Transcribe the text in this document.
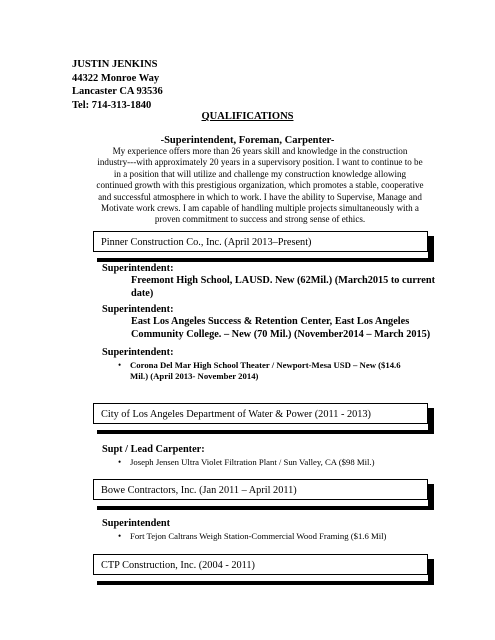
JUSTIN JENKINS
44322 Monroe Way
Lancaster CA 93536
Tel: 714-313-1840
QUALIFICATIONS
-Superintendent, Foreman, Carpenter-
My experience offers more than 26 years skill and knowledge in the construction
industry---with approximately 20 years in a supervisory position. I want to continue to be
in a position that will utilize and challenge my construction knowledge allowing
continued growth with this prestigious organization, which promotes a stable, cooperative
and successful atmosphere in which to work. I have the ability to Supervise, Manage and
Motivate work crews. I am capable of handling multiple projects simultaneously with a
proven commitment to success and strong sense of ethics.
Pinner Construction Co., Inc. (April 2013–Present)
Superintendent:
Freemont High School, LAUSD. New (62Mil.) (March2015 to current
date)
Superintendent:
East Los Angeles Success & Retention Center, East Los Angeles
Community College. – New (70 Mil.) (November2014 – March 2015)
Superintendent:
•	Corona Del Mar High School Theater / Newport-Mesa USD – New ($14.6
Mil.) (April 2013- November 2014)
City of Los Angeles Department of Water & Power (2011 - 2013)
Supt / Lead Carpenter:
•	Joseph Jensen Ultra Violet Filtration Plant / Sun Valley, CA ($98 Mil.)
Bowe Contractors, Inc. (Jan 2011 – April 2011)
Superintendent
•	Fort Tejon Caltrans Weigh Station-Commercial Wood Framing ($1.6 Mil)
CTP Construction, Inc. (2004 - 2011)
